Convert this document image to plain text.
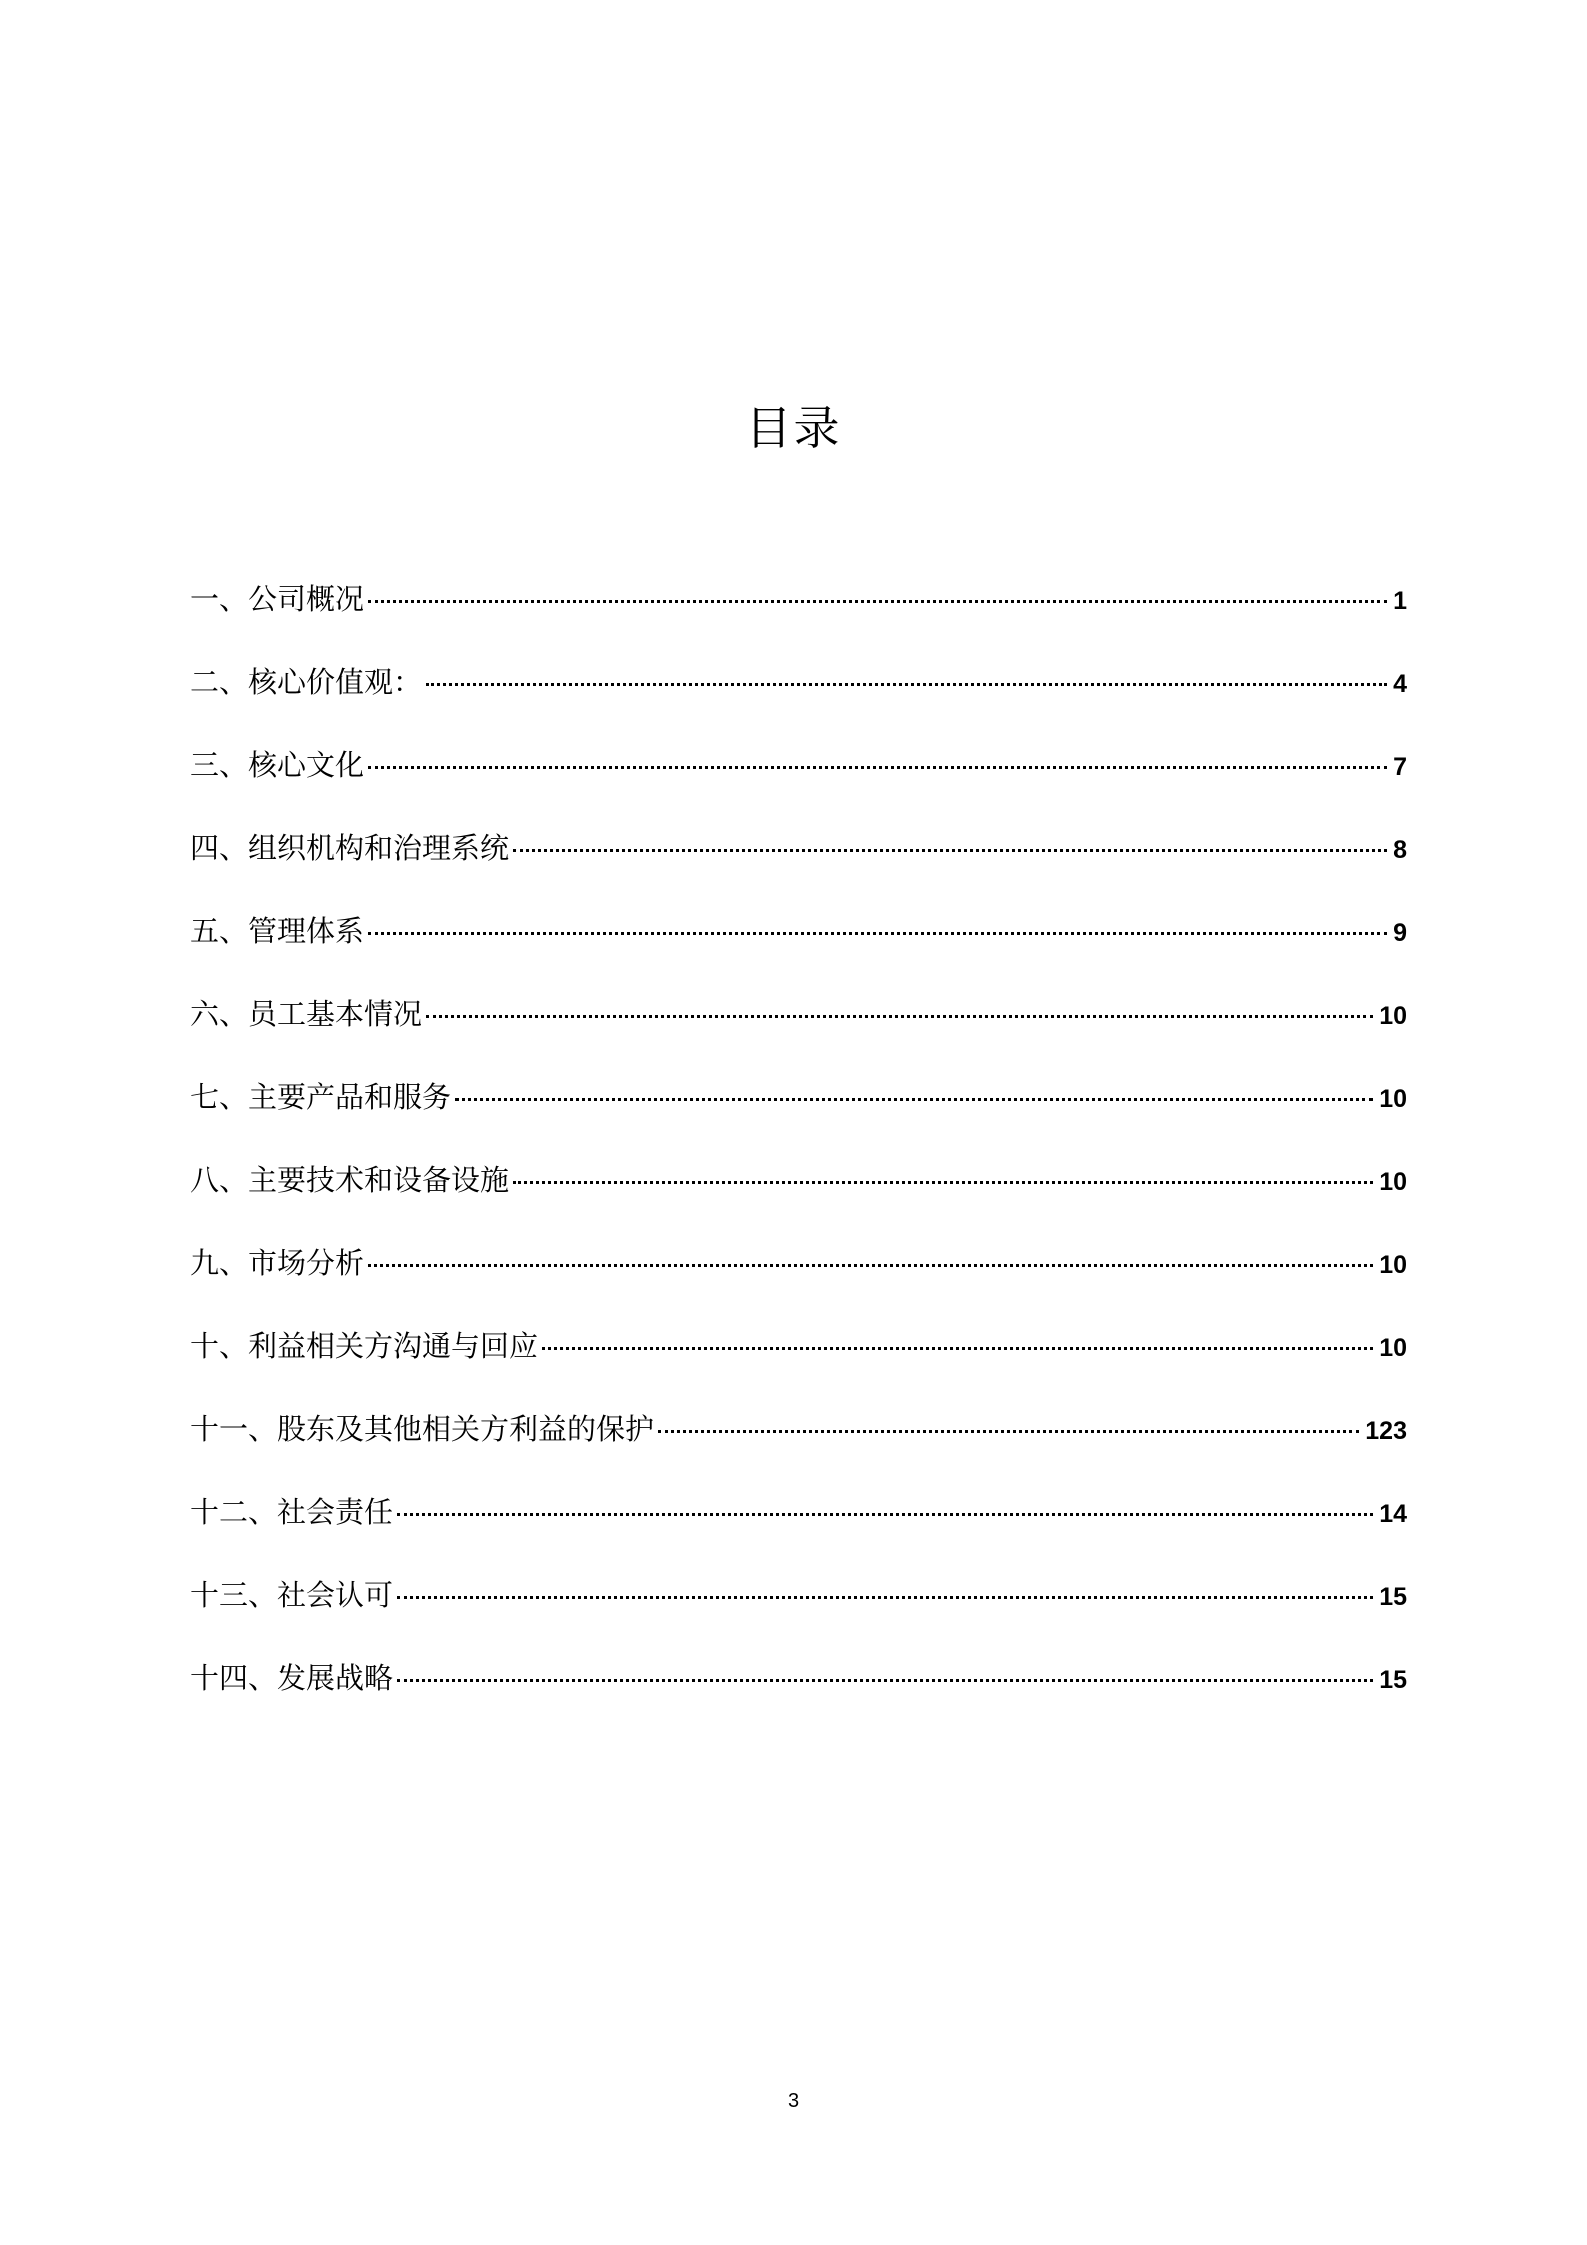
目录
一、公司概况	1
二、核心价值观：	4
三、核心文化	7
四、组织机构和治理系统	8
五、管理体系	9
六、员工基本情况	10
七、主要产品和服务	10
八、主要技术和设备设施	10
九、市场分析	10
十、利益相关方沟通与回应	10
十一、股东及其他相关方利益的保护	123
十二、社会责任	14
十三、社会认可	15
十四、发展战略	15
3
